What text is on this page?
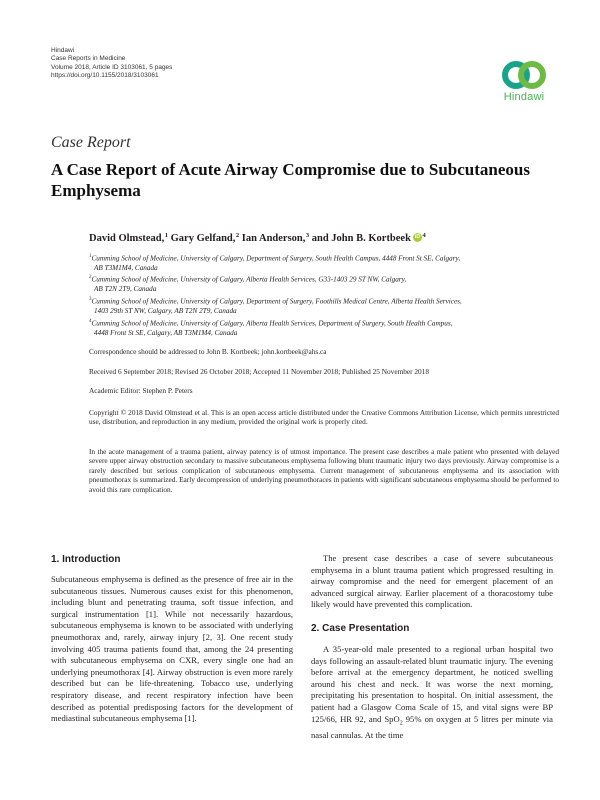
Hindawi
Case Reports in Medicine
Volume 2018, Article ID 3103061, 5 pages
https://doi.org/10.1155/2018/3103061
Hindawi
Case Report
A Case Report of Acute Airway Compromise due to Subcutaneous Emphysema
David Olmstead,$^1$ Gary Gelfand,$^2$ Ian Anderson,$^3$ and John B. Kortbeek iD $^4$
$^1$Cumming School of Medicine, University of Calgary, Department of Surgery, South Health Campus, 4448 Front St SE, Calgary,
AB T3M1M4, Canada
$^2$Cumming School of Medicine, University of Calgary, Alberta Health Services, G33-1403 29 ST NW, Calgary,
AB T2N 2T9, Canada
$^3$Cumming School of Medicine, University of Calgary, Department of Surgery, Foothills Medical Centre, Alberta Health Services,
1403 29th ST NW, Calgary, AB T2N 2T9, Canada
$^4$Cumming School of Medicine, University of Calgary, Alberta Health Services, Department of Surgery, South Health Campus,
4448 Front St SE, Calgary, AB T3M1M4, Canada
Correspondence should be addressed to John B. Kortbeek; john.kortbeek@ahs.ca
Received 6 September 2018; Revised 26 October 2018; Accepted 11 November 2018; Published 25 November 2018
Academic Editor: Stephen P. Peters
Copyright © 2018 David Olmstead et al. This is an open access article distributed under the Creative Commons Attribution License, which permits unrestricted use, distribution, and reproduction in any medium, provided the original work is properly cited.
In the acute management of a trauma patient, airway patency is of utmost importance. The present case describes a male patient who presented with delayed severe upper airway obstruction secondary to massive subcutaneous emphysema following blunt traumatic injury two days previously. Airway compromise is a rarely described but serious complication of subcutaneous emphysema. Current management of subcutaneous emphysema and its association with pneumothorax is summarized. Early decompression of underlying pneumothoraces in patients with significant subcutaneous emphysema should be performed to avoid this rare complication.
1. Introduction

Subcutaneous emphysema is defined as the presence of free air in the subcutaneous tissues. Numerous causes exist for this phenomenon, including blunt and penetrating trauma, soft tissue infection, and surgical instrumentation [1]. While not necessarily hazardous, subcutaneous emphysema is known to be associated with underlying pneumothorax and, rarely, airway injury [2, 3]. One recent study involving 405 trauma patients found that, among the 24 presenting with subcutaneous emphysema on CXR, every single one had an underlying pneumothorax [4]. Airway obstruction is even more rarely described but can be life-threatening. Tobacco use, underlying respiratory disease, and recent respiratory infection have been described as potential predisposing factors for the development of mediastinal subcutaneous emphysema [1].

The present case describes a case of severe subcutaneous emphysema in a blunt trauma patient which progressed resulting in airway compromise and the need for emergent placement of an advanced surgical airway. Earlier placement of a thoracostomy tube likely would have prevented this complication.

2. Case Presentation

A 35-year-old male presented to a regional urban hospital two days following an assault-related blunt traumatic injury. The evening before arrival at the emergency department, he noticed swelling around his chest and neck. It was worse the next morning, precipitating his presentation to hospital. On initial assessment, the patient had a Glasgow Coma Scale of 15, and vital signs were BP 125/66, HR 92, and SpO$_2$ 95% on oxygen at 5 litres per minute via nasal cannulas. At the time
